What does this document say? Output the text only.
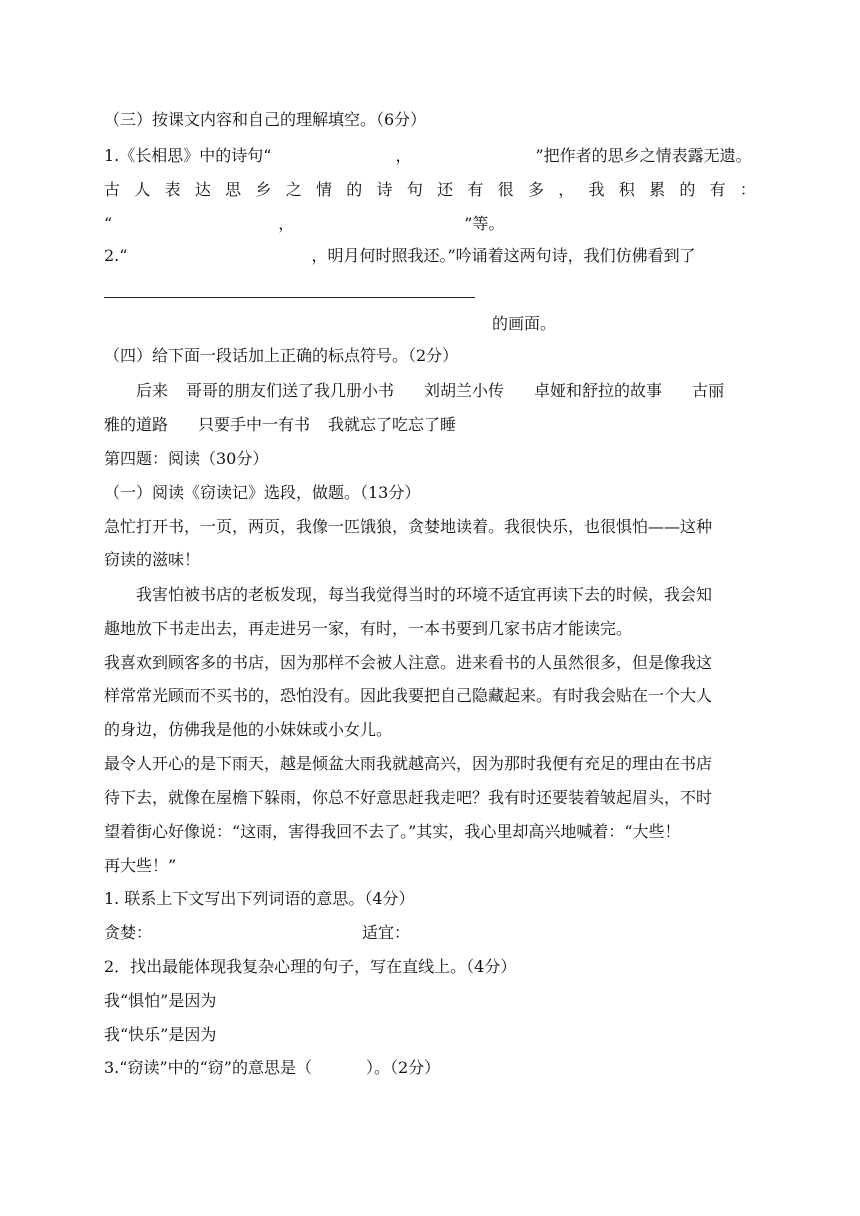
（三）按课文内容和自己的理解填空。（6分）
1.《长相思》中的诗句“	，	”把作者的思乡之情表露无遗。
古 人 表 达 思 乡 之 情 的 诗 句 还 有 很 多 ， 我 积 累 的 有 ：
“	，	”等。
2.“	，明月何时照我还。”吟诵着这两句诗，我们仿佛看到了
的画面。
（四）给下面一段话加上正确的标点符号。（2分）
后来 哥哥的朋友们送了我几册小书 刘胡兰小传 卓娅和舒拉的故事 古丽
雅的道路 只要手中一有书 我就忘了吃忘了睡
第四题：阅读（30分）
（一）阅读《窃读记》选段，做题。（13分）
急忙打开书，一页，两页，我像一匹饿狼，贪婪地读着。我很快乐，也很惧怕——这种
窃读的滋味！
我害怕被书店的老板发现，每当我觉得当时的环境不适宜再读下去的时候，我会知
趣地放下书走出去，再走进另一家，有时，一本书要到几家书店才能读完。
我喜欢到顾客多的书店，因为那样不会被人注意。进来看书的人虽然很多，但是像我这
样常常光顾而不买书的，恐怕没有。因此我要把自己隐藏起来。有时我会贴在一个大人
的身边，仿佛我是他的小妹妹或小女儿。
最令人开心的是下雨天，越是倾盆大雨我就越高兴，因为那时我便有充足的理由在书店
待下去，就像在屋檐下躲雨，你总不好意思赶我走吧？我有时还要装着皱起眉头，不时
望着街心好像说：“这雨，害得我回不去了。”其实，我心里却高兴地喊着：“大些！
再大些！”
1. 联系上下文写出下列词语的意思。（4分）
贪婪：	适宜：
2．找出最能体现我复杂心理的句子，写在直线上。（4分）
我“惧怕”是因为
我“快乐”是因为
3.“窃读”中的“窃”的意思是（	）。（2分）
